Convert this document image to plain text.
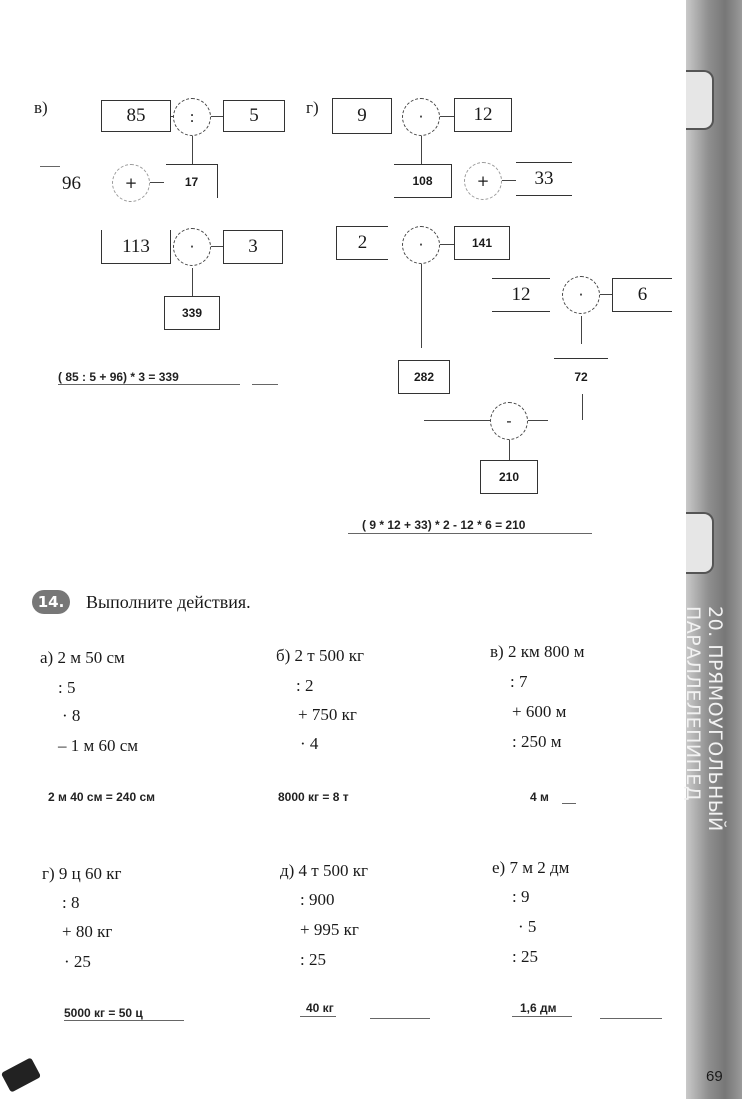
20. ПРЯМОУГОЛЬНЫЙ ПАРАЛЛЕЛЕПИПЕД
в)	85	:	5
96	+	17
113	·	3
339
( 85 : 5 + 96) * 3 = 339
г)	9	·	12
108	+	33
2	·	141
12	·	6
282	72
-
210
( 9 * 12 + 33) * 2 - 12 * 6 = 210
14.	Выполните действия.
а) 2 м 50 см
: 5
· 8
– 1 м 60 см
2 м 40 см = 240 см
б) 2 т 500 кг
: 2
+ 750 кг
· 4
8000 кг = 8 т
в) 2 км 800 м
: 7
+ 600 м
: 250 м
4 м
г) 9 ц 60 кг
: 8
+ 80 кг
· 25
5000 кг = 50 ц
д) 4 т 500 кг
: 900
+ 995 кг
: 25
40 кг
е) 7 м 2 дм
: 9
· 5
: 25
1,6 дм
69
